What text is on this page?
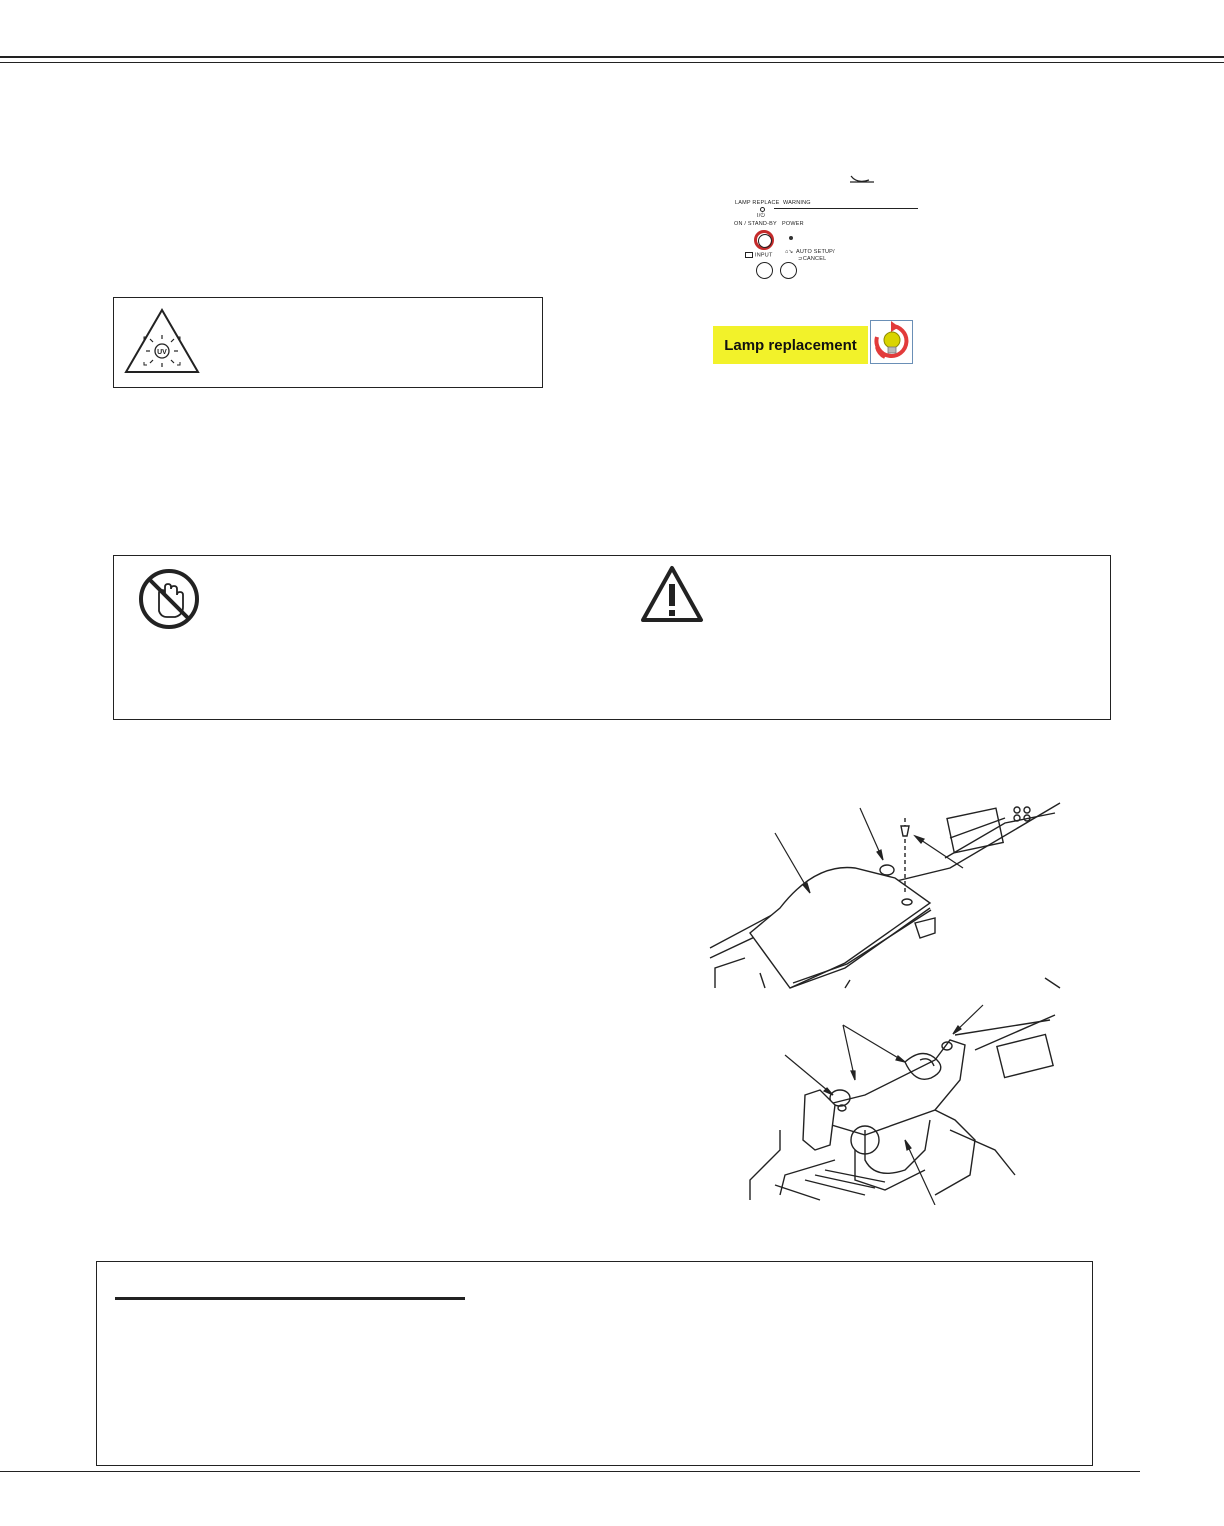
UV
LAMP REPLACE WARNING
I/⏻
ON / STAND-BY POWER
INPUT
⌂↘ AUTO SETUP/
⊃CANCEL
Lamp replacement
